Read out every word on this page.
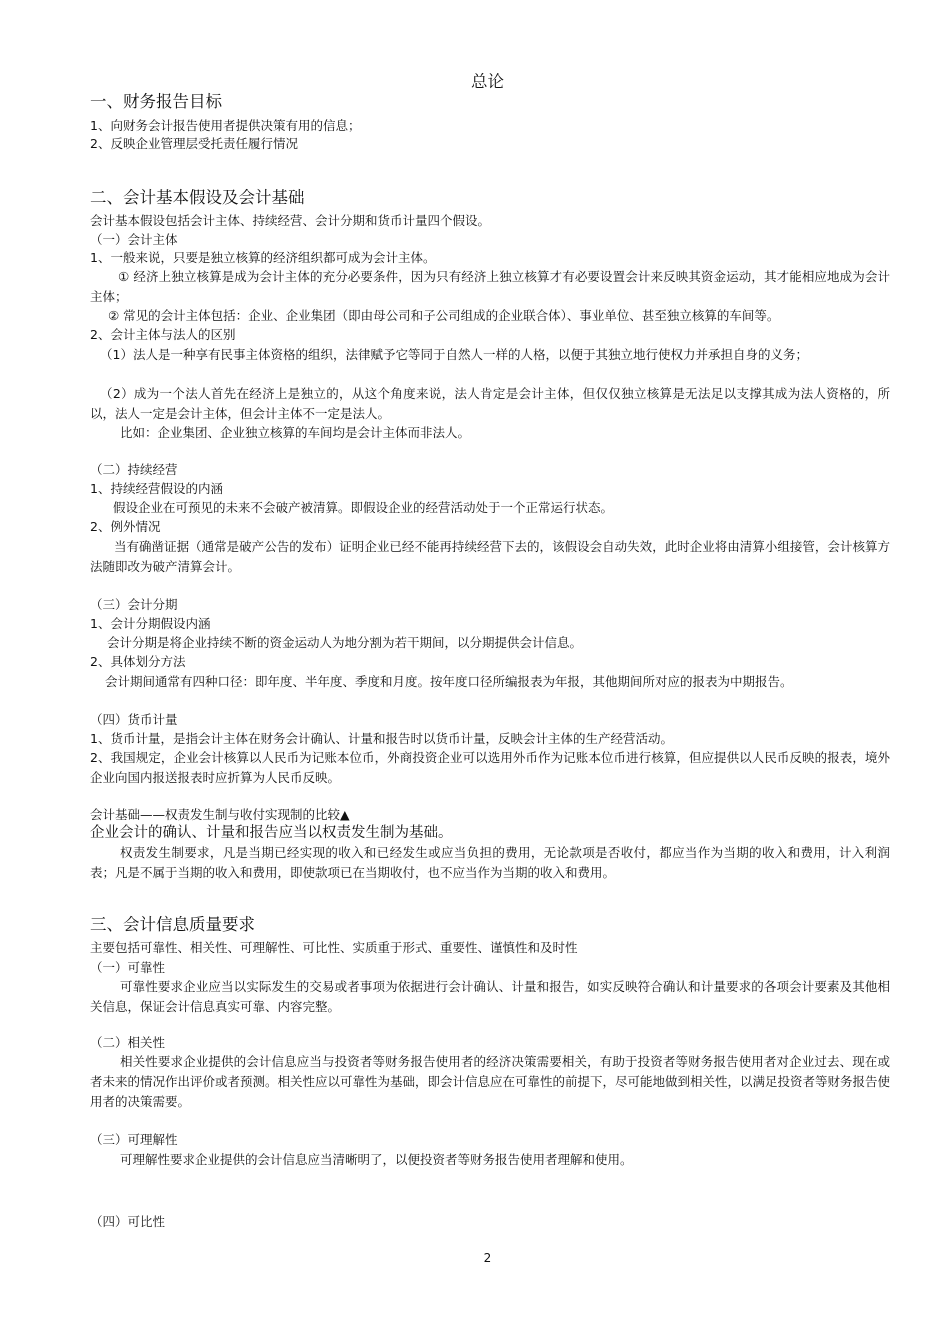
总论

一、财务报告目标

1、向财务会计报告使用者提供决策有用的信息；

2、反映企业管理层受托责任履行情况

二、会计基本假设及会计基础

会计基本假设包括会计主体、持续经营、会计分期和货币计量四个假设。

（一）会计主体

1、一般来说，只要是独立核算的经济组织都可成为会计主体。

① 经济上独立核算是成为会计主体的充分必要条件，因为只有经济上独立核算才有必要设置会计来反映其资金运动，其才能相应地成为会计主体；

② 常见的会计主体包括：企业、企业集团（即由母公司和子公司组成的企业联合体）、事业单位、甚至独立核算的车间等。

2、会计主体与法人的区别

（1）法人是一种享有民事主体资格的组织，法律赋予它等同于自然人一样的人格，以便于其独立地行使权力并承担自身的义务；

（2）成为一个法人首先在经济上是独立的，从这个角度来说，法人肯定是会计主体，但仅仅独立核算是无法足以支撑其成为法人资格的，所以，法人一定是会计主体，但会计主体不一定是法人。

比如：企业集团、企业独立核算的车间均是会计主体而非法人。

（二）持续经营

1、持续经营假设的内涵

假设企业在可预见的未来不会破产被清算。即假设企业的经营活动处于一个正常运行状态。

2、例外情况

当有确凿证据（通常是破产公告的发布）证明企业已经不能再持续经营下去的，该假设会自动失效，此时企业将由清算小组接管，会计核算方法随即改为破产清算会计。

（三）会计分期

1、会计分期假设内涵

会计分期是将企业持续不断的资金运动人为地分割为若干期间，以分期提供会计信息。

2、具体划分方法

会计期间通常有四种口径：即年度、半年度、季度和月度。按年度口径所编报表为年报，其他期间所对应的报表为中期报告。

（四）货币计量

1、货币计量，是指会计主体在财务会计确认、计量和报告时以货币计量，反映会计主体的生产经营活动。

2、我国规定，企业会计核算以人民币为记账本位币，外商投资企业可以选用外币作为记账本位币进行核算，但应提供以人民币反映的报表，境外企业向国内报送报表时应折算为人民币反映。

会计基础——权责发生制与收付实现制的比较▲

企业会计的确认、计量和报告应当以权责发生制为基础。

权责发生制要求，凡是当期已经实现的收入和已经发生或应当负担的费用，无论款项是否收付，都应当作为当期的收入和费用，计入利润表；凡是不属于当期的收入和费用，即使款项已在当期收付，也不应当作为当期的收入和费用。

三、会计信息质量要求

主要包括可靠性、相关性、可理解性、可比性、实质重于形式、重要性、谨慎性和及时性

（一）可靠性

可靠性要求企业应当以实际发生的交易或者事项为依据进行会计确认、计量和报告，如实反映符合确认和计量要求的各项会计要素及其他相关信息，保证会计信息真实可靠、内容完整。

（二）相关性

相关性要求企业提供的会计信息应当与投资者等财务报告使用者的经济决策需要相关，有助于投资者等财务报告使用者对企业过去、现在或者未来的情况作出评价或者预测。相关性应以可靠性为基础，即会计信息应在可靠性的前提下，尽可能地做到相关性，以满足投资者等财务报告使用者的决策需要。

（三）可理解性

可理解性要求企业提供的会计信息应当清晰明了，以便投资者等财务报告使用者理解和使用。

（四）可比性

2
